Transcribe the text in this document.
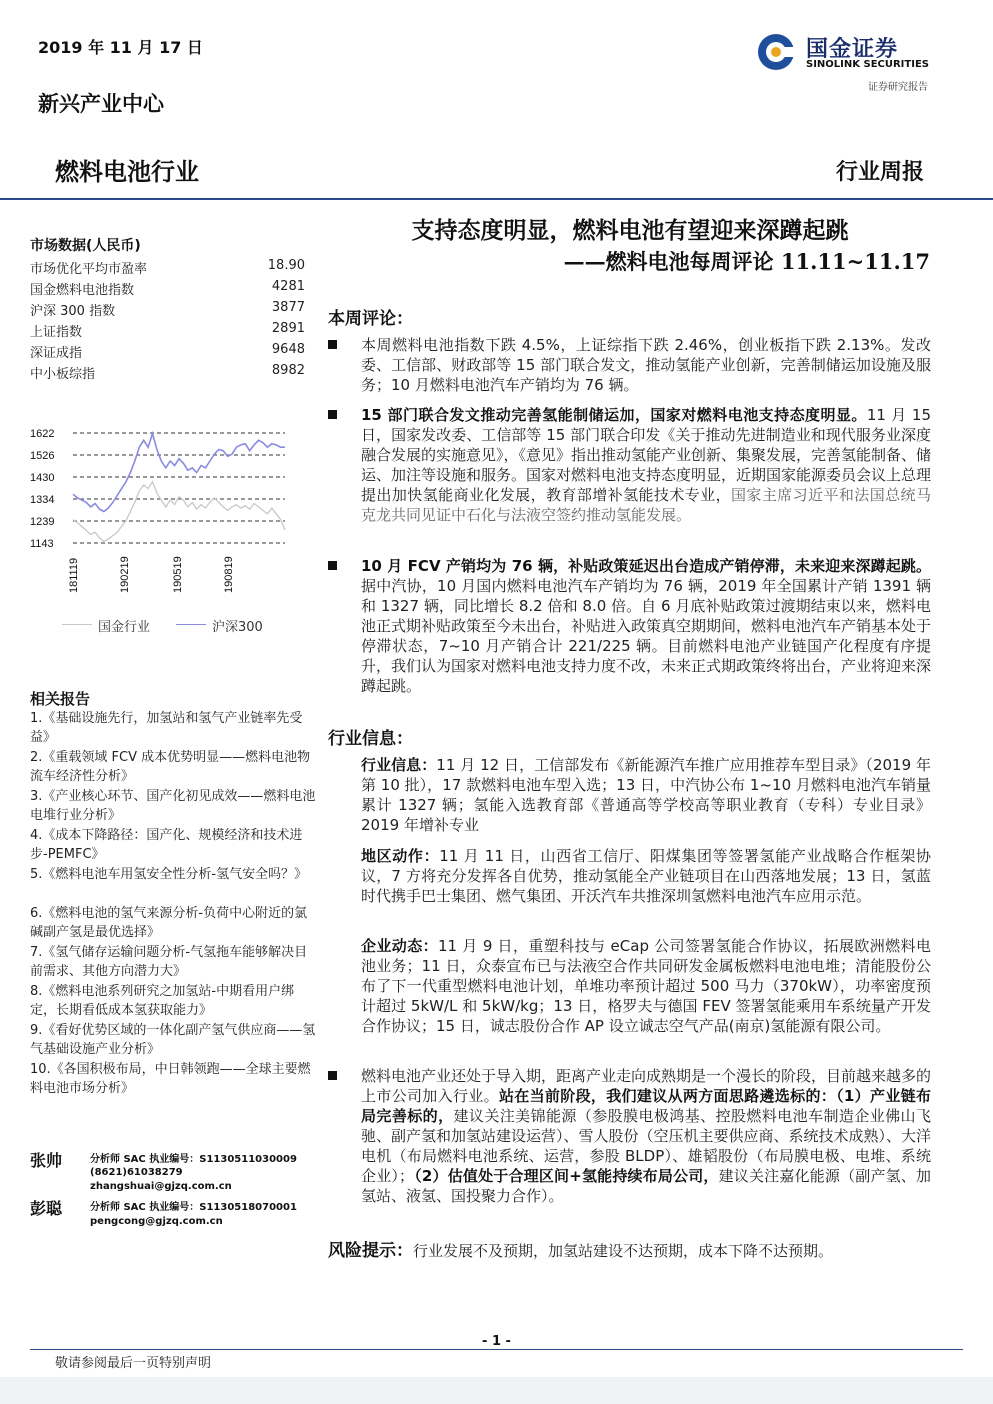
2019 年 11 月 17 日
新兴产业中心
燃料电池行业
国金证券
SINOLINK SECURITIES
证券研究报告
行业周报
支持态度明显，燃料电池有望迎来深蹲起跳
——燃料电池每周评论 11.11~11.17
市场数据(人民币)
市场优化平均市盈率	18.90
国金燃料电池指数	4281
沪深 300 指数	3877
上证指数	2891
深证成指	9648
中小板综指	8982
1622
1526
1430
1334
1239
1143
181119	190219	190519	190819
国金行业	沪深300
相关报告
1.《基础设施先行，加氢站和氢气产业链率先受益》
2.《重载领域 FCV 成本优势明显——燃料电池物流车经济性分析》
3.《产业核心环节、国产化初见成效——燃料电池电堆行业分析》
4.《成本下降路径：国产化、规模经济和技术进步-PEMFC》
5.《燃料电池车用氢安全性分析-氢气安全吗？》
6.《燃料电池的氢气来源分析-负荷中心附近的氯碱副产氢是最优选择》
7.《氢气储存运输问题分析-气氢拖车能够解决目前需求、其他方向潜力大》
8.《燃料电池系列研究之加氢站-中期看用户绑定，长期看低成本氢获取能力》
9.《看好优势区域的一体化副产氢气供应商——氢气基础设施产业分析》
10.《各国积极布局，中日韩领跑——全球主要燃料电池市场分析》
张帅	分析师 SAC 执业编号：S1130511030009
(8621)61038279
zhangshuai@gjzq.com.cn
彭聪	分析师 SAC 执业编号：S1130518070001
pengcong@gjzq.com.cn
本周评论：
本周燃料电池指数下跌 4.5%，上证综指下跌 2.46%，创业板指下跌 2.13%。发改委、工信部、财政部等 15 部门联合发文，推动氢能产业创新，完善制储运加设施及服务；10 月燃料电池汽车产销均为 76 辆。
15 部门联合发文推动完善氢能制储运加，国家对燃料电池支持态度明显。11 月 15 日，国家发改委、工信部等 15 部门联合印发《关于推动先进制造业和现代服务业深度融合发展的实施意见》，《意见》指出推动氢能产业创新、集聚发展，完善氢能制备、储运、加注等设施和服务。国家对燃料电池支持态度明显，近期国家能源委员会议上总理提出加快氢能商业化发展，教育部增补氢能技术专业，国家主席习近平和法国总统马克龙共同见证中石化与法液空签约推动氢能发展。
10 月 FCV 产销均为 76 辆，补贴政策延迟出台造成产销停滞，未来迎来深蹲起跳。据中汽协，10 月国内燃料电池汽车产销均为 76 辆，2019 年全国累计产销 1391 辆和 1327 辆，同比增长 8.2 倍和 8.0 倍。自 6 月底补贴政策过渡期结束以来，燃料电池正式期补贴政策至今未出台，补贴进入政策真空期期间，燃料电池汽车产销基本处于停滞状态，7~10 月产销合计 221/225 辆。目前燃料电池产业链国产化程度有序提升，我们认为国家对燃料电池支持力度不改，未来正式期政策终将出台，产业将迎来深蹲起跳。
行业信息：
行业信息：11 月 12 日，工信部发布《新能源汽车推广应用推荐车型目录》（2019 年第 10 批），17 款燃料电池车型入选；13 日，中汽协公布 1~10 月燃料电池汽车销量累计 1327 辆；氢能入选教育部《普通高等学校高等职业教育（专科）专业目录》2019 年增补专业
地区动作：11 月 11 日，山西省工信厅、阳煤集团等签署氢能产业战略合作框架协议，7 方将充分发挥各自优势，推动氢能全产业链项目在山西落地发展；13 日，氢蓝时代携手巴士集团、燃气集团、开沃汽车共推深圳氢燃料电池汽车应用示范。
企业动态：11 月 9 日，重塑科技与 eCap 公司签署氢能合作协议，拓展欧洲燃料电池业务；11 日，众泰宣布已与法液空合作共同研发金属板燃料电池电堆；清能股份公布了下一代重型燃料电池计划，单堆功率预计超过 500 马力（370kW），功率密度预计超过 5kW/L 和 5kW/kg；13 日，格罗夫与德国 FEV 签署氢能乘用车系统量产开发合作协议；15 日，诚志股份合作 AP 设立诚志空气产品(南京)氢能源有限公司。
燃料电池产业还处于导入期，距离产业走向成熟期是一个漫长的阶段，目前越来越多的上市公司加入行业。站在当前阶段，我们建议从两方面思路遴选标的：（1）产业链布局完善标的，建议关注美锦能源（参股膜电极鸿基、控股燃料电池车制造企业佛山飞驰、副产氢和加氢站建设运营）、雪人股份（空压机主要供应商、系统技术成熟）、大洋电机（布局燃料电池系统、运营，参股 BLDP）、雄韬股份（布局膜电极、电堆、系统企业）；（2）估值处于合理区间+氢能持续布局公司，建议关注嘉化能源（副产氢、加氢站、液氢、国投聚力合作）。
风险提示：行业发展不及预期，加氢站建设不达预期，成本下降不达预期。
- 1 -
敬请参阅最后一页特别声明
